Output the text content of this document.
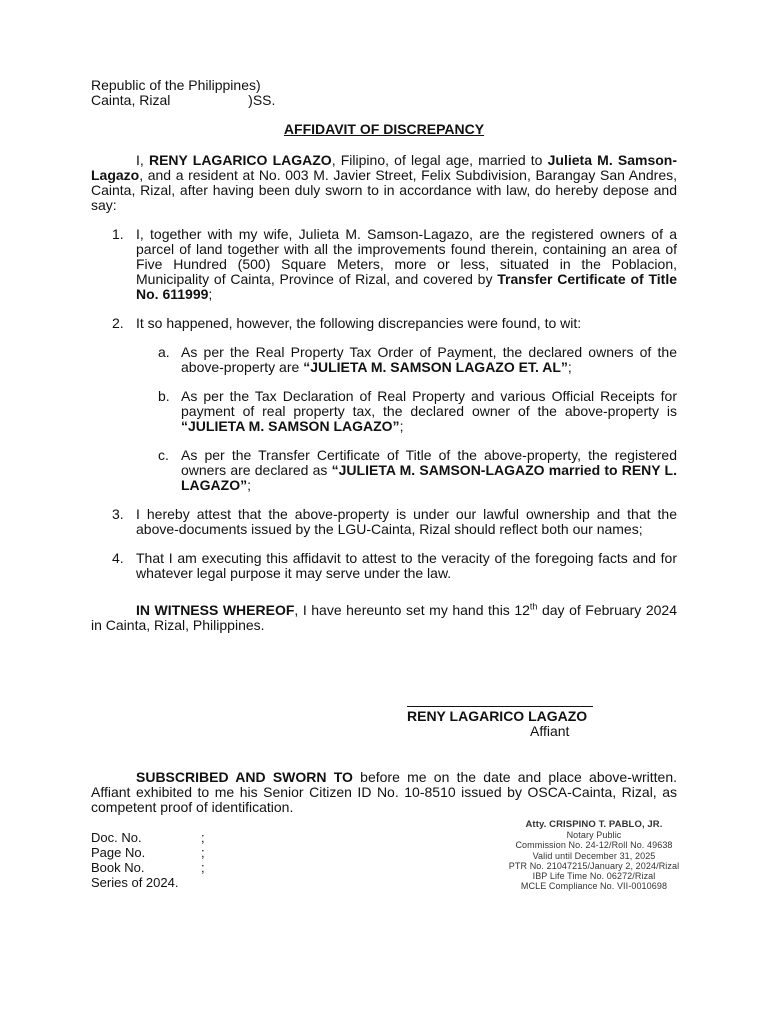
Republic of the Philippines)
Cainta, Rizal                    )SS.
AFFIDAVIT OF DISCREPANCY

I, RENY LAGARICO LAGAZO, Filipino, of legal age, married to Julieta M. Samson-Lagazo, and a resident at No. 003 M. Javier Street, Felix Subdivision, Barangay San Andres, Cainta, Rizal, after having been duly sworn to in accordance with law, do hereby depose and say:

1. I, together with my wife, Julieta M. Samson-Lagazo, are the registered owners of a parcel of land together with all the improvements found therein, containing an area of Five Hundred (500) Square Meters, more or less, situated in the Poblacion, Municipality of Cainta, Province of Rizal, and covered by Transfer Certificate of Title No. 611999;
2. It so happened, however, the following discrepancies were found, to wit:
a. As per the Real Property Tax Order of Payment, the declared owners of the above-property are “JULIETA M. SAMSON LAGAZO ET. AL”;
b. As per the Tax Declaration of Real Property and various Official Receipts for payment of real property tax, the declared owner of the above-property is “JULIETA M. SAMSON LAGAZO”;
c. As per the Transfer Certificate of Title of the above-property, the registered owners are declared as “JULIETA M. SAMSON-LAGAZO married to RENY L. LAGAZO”;
3. I hereby attest that the above-property is under our lawful ownership and that the above-documents issued by the LGU-Cainta, Rizal should reflect both our names;
4. That I am executing this affidavit to attest to the veracity of the foregoing facts and for whatever legal purpose it may serve under the law.

IN WITNESS WHEREOF, I have hereunto set my hand this 12th day of February 2024 in Cainta, Rizal, Philippines.

RENY LAGARICO LAGAZO
Affiant

SUBSCRIBED AND SWORN TO before me on the date and place above-written. Affiant exhibited to me his Senior Citizen ID No. 10-8510 issued by OSCA-Cainta, Rizal, as competent proof of identification.

Doc. No.	;
Page No.	;
Book No.	;
Series of 2024.
Atty. CRISPINO T. PABLO, JR.
Notary Public
Commission No. 24-12/Roll No. 49638
Valid until December 31, 2025
PTR No. 21047215/January 2, 2024/Rizal
IBP Life Time No. 06272/Rizal
MCLE Compliance No. VII-0010698
